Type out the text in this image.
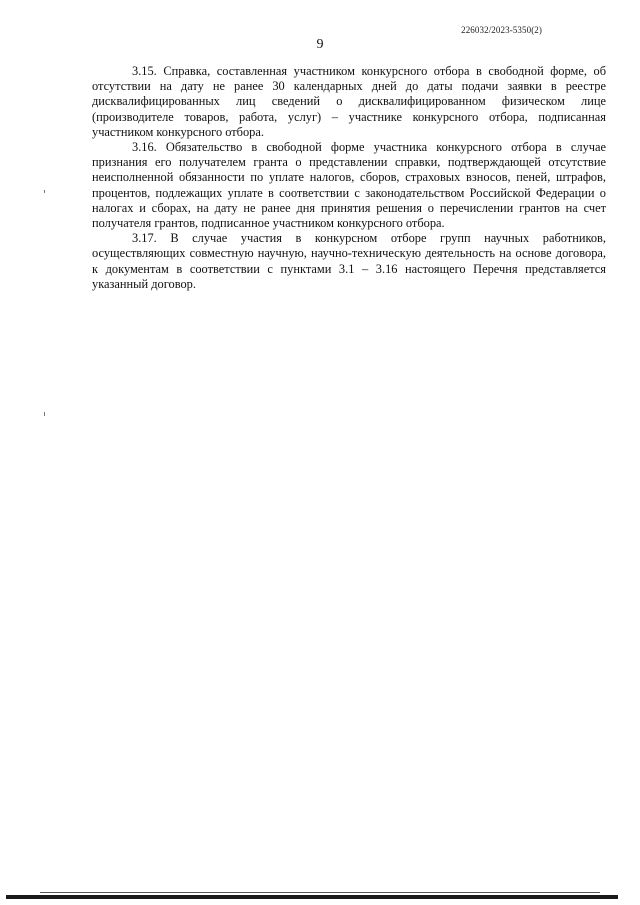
226032/2023-5350(2)
9

3.15. Справка, составленная участником конкурсного отбора в свободной форме, об отсутствии на дату не ранее 30 календарных дней до даты подачи заявки в реестре дисквалифицированных лиц сведений о дисквалифицированном физическом лице (производителе товаров, работа, услуг) – участнике конкурсного отбора, подписанная участником конкурсного отбора.

3.16. Обязательство в свободной форме участника конкурсного отбора в случае признания его получателем гранта о представлении справки, подтверждающей отсутствие неисполненной обязанности по уплате налогов, сборов, страховых взносов, пеней, штрафов, процентов, подлежащих уплате в соответствии с законодательством Российской Федерации о налогах и сборах, на дату не ранее дня принятия решения о перечислении грантов на счет получателя грантов, подписанное участником конкурсного отбора.

3.17. В случае участия в конкурсном отборе групп научных работников, осуществляющих совместную научную, научно-техническую деятельность на основе договора, к документам в соответствии с пунктами 3.1 – 3.16 настоящего Перечня представляется указанный договор.
